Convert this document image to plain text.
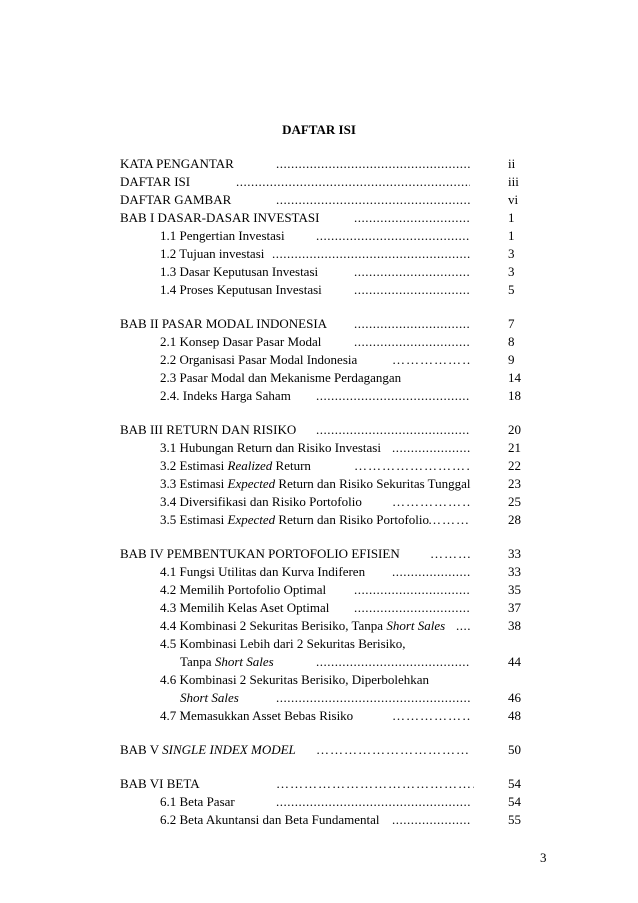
DAFTAR ISI
KATA PENGANTAR .....	ii
DAFTAR ISI .....	iii
DAFTAR GAMBAR .....	vi
BAB I DASAR-DASAR INVESTASI .....	1
1.1 Pengertian Investasi .....	1
1.2 Tujuan investasi .....	3
1.3 Dasar Keputusan Investasi .....	3
1.4 Proses Keputusan Investasi .....	5
BAB II PASAR MODAL INDONESIA .....	7
2.1 Konsep Dasar Pasar Modal .....	8
2.2 Organisasi Pasar Modal Indonesia ………………………………………………………………………………	9
2.3 Pasar Modal dan Mekanisme Perdagangan	14
2.4. Indeks Harga Saham .....	18
BAB III RETURN DAN RISIKO .....	20
3.1 Hubungan Return dan Risiko Investasi .....	21
3.2 Estimasi Realized Return ………………………………………………………………………………	22
3.3 Estimasi Expected Return dan Risiko Sekuritas Tunggal	23
3.4 Diversifikasi dan Risiko Portofolio ………………………………………………………………………………	25
3.5 Estimasi Expected Return dan Risiko Portofolio ………………………………………………………………………………	28
BAB IV PEMBENTUKAN PORTOFOLIO EFISIEN ………………………………………………………………………………	33
4.1 Fungsi Utilitas dan Kurva Indiferen .....	33
4.2 Memilih Portofolio Optimal .....	35
4.3 Memilih Kelas Aset Optimal .....	37
4.4 Kombinasi 2 Sekuritas Berisiko, Tanpa Short Sales .....	38
4.5 Kombinasi Lebih dari 2 Sekuritas Berisiko,
Tanpa Short Sales .....	44
4.6 Kombinasi 2 Sekuritas Berisiko, Diperbolehkan
Short Sales .....	46
4.7 Memasukkan Asset Bebas Risiko ………………………………………………………………………………	48
BAB V SINGLE INDEX MODEL ………………………………………………………………………………	50
BAB VI BETA ………………………………………………………………………………	54
6.1 Beta Pasar .....	54
6.2 Beta Akuntansi dan Beta Fundamental .....	55
3
